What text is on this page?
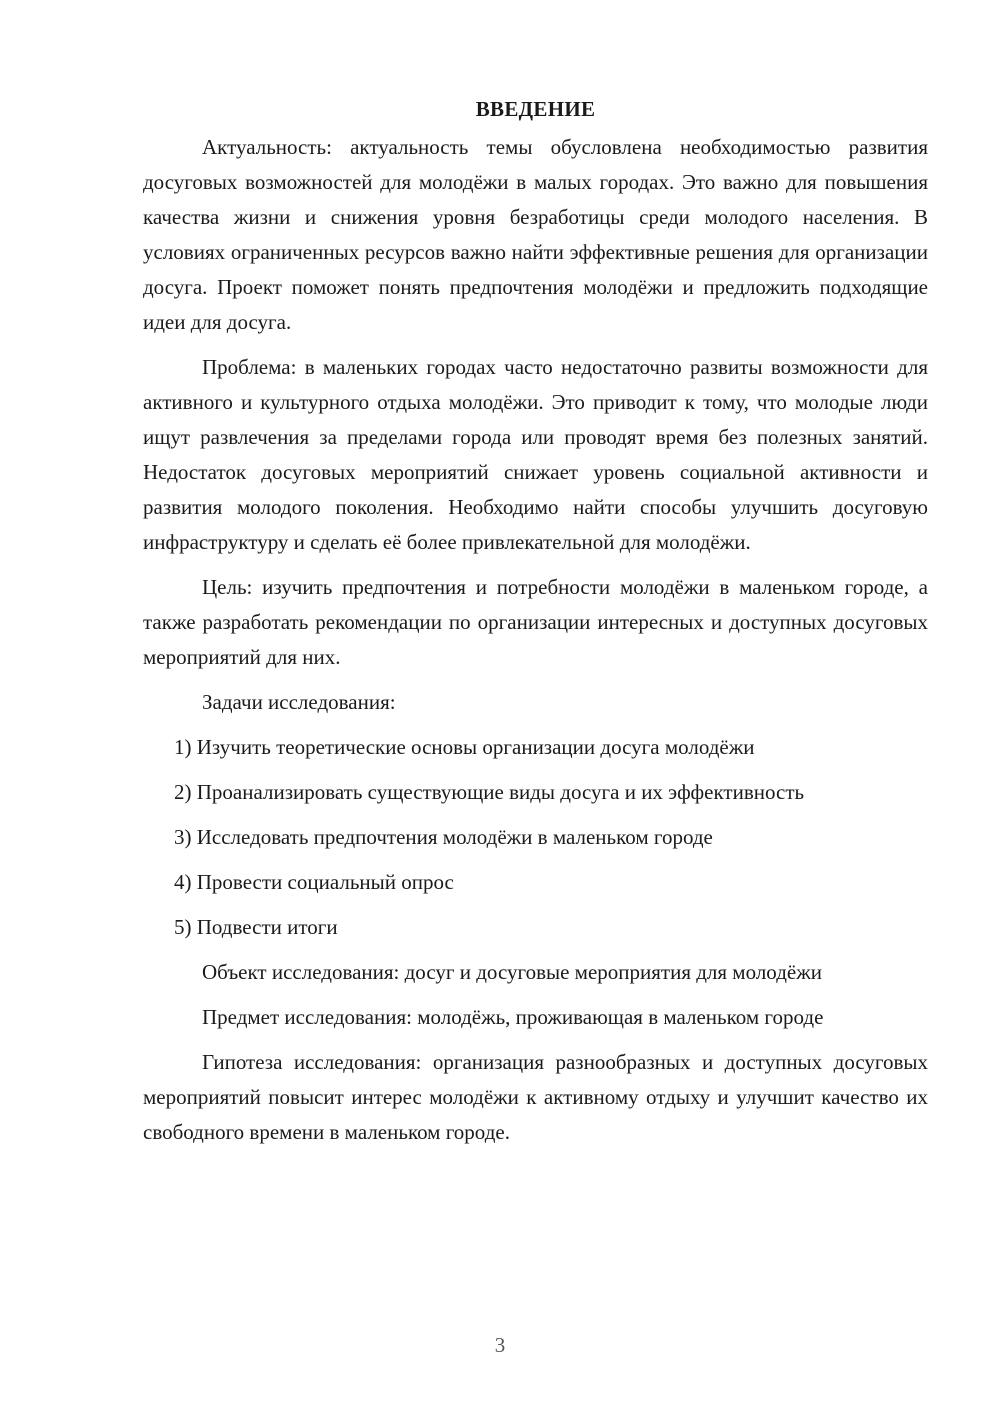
ВВЕДЕНИЕ

Актуальность: актуальность темы обусловлена необходимостью развития досуговых возможностей для молодёжи в малых городах. Это важно для повышения качества жизни и снижения уровня безработицы среди молодого населения. В условиях ограниченных ресурсов важно найти эффективные решения для организации досуга. Проект поможет понять предпочтения молодёжи и предложить подходящие идеи для досуга.

Проблема: в маленьких городах часто недостаточно развиты возможности для активного и культурного отдыха молодёжи. Это приводит к тому, что молодые люди ищут развлечения за пределами города или проводят время без полезных занятий. Недостаток досуговых мероприятий снижает уровень социальной активности и развития молодого поколения. Необходимо найти способы улучшить досуговую инфраструктуру и сделать её более привлекательной для молодёжи.

Цель: изучить предпочтения и потребности молодёжи в маленьком городе, а также разработать рекомендации по организации интересных и доступных досуговых мероприятий для них.

Задачи исследования:

1) Изучить теоретические основы организации досуга молодёжи

2) Проанализировать существующие виды досуга и их эффективность

3) Исследовать предпочтения молодёжи в маленьком городе

4) Провести социальный опрос

5) Подвести итоги

Объект исследования: досуг и досуговые мероприятия для молодёжи

Предмет исследования: молодёжь, проживающая в маленьком городе

Гипотеза исследования: организация разнообразных и доступных досуговых мероприятий повысит интерес молодёжи к активному отдыху и улучшит качество их свободного времени в маленьком городе.

3
